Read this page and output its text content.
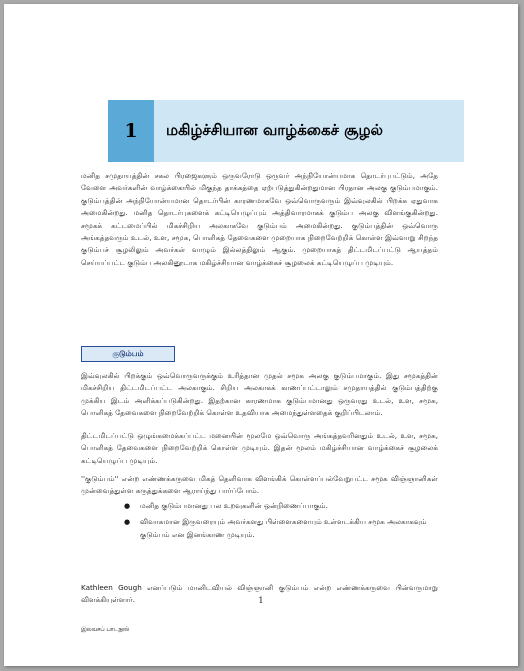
1	மகிழ்ச்சியான வாழ்க்கைச் சூழல்

மனித சமுதாயத்தின் சகல பிரஜைகளும் ஒருவரோடு ஒருவர் அந்நியோன்யமாக தொடர்புபட்டும், அதே வேளை அவர்களின் வாழ்க்கையில் மிகுந்த தாக்கத்தை ஏற்படுத்துகின்றதுமான பிரதான அலகு குடும்பமாகும். குடும்பத்தின் அந்நியோன்யமான தொடர்பின் காரணமாகவே ஒவ்வொருவரும் இவ்வுலகில் பிறக்க ஏதுவாக அமைகின்றது. மனித தொடர்புகளைக் கட்டியெழுப்பும் அத்திவாரமாகக் குடும்ப அலகு விளங்குகின்றது. சமூகக் கட்டமைப்பில் மிகச்சிறிய அலகாகவே குடும்பம் அமைகின்றது. குடும்பத்தின் ஒவ்வொரு அங்கத்தவரும் உடல், உள, சமூக, பொளிகத் தேவைகளை முறையாக நிறைவேற்றிக் கொள்ள இவ்வாறு சிறந்த குடும்பச் சூழலிலும் அவர்கள் வாழும் இல்லத்திலும் ஆகும். முறையாகத் திட்டமிடப்பட்டு ஆயத்தம் செய்யப்பட்ட குடும்ப அலகினூடாக மகிழ்ச்சியான வாழ்க்கைச் சூழலைக் கட்டியெழுப்ப முடியும்.

குடும்பம்

இவ்வுலகில் பிறக்கும் ஒவ்வொருவருக்கும் உரித்தான முதல் சமூக அலகு குடும்பமாகும். இது சமூகத்தின் மிகச்சிறிய திட்டமிடப்பட்ட அலகாகும். சிறிய அலகாகக் காணப்பட்டாலும் சமுதாயத்தில் குடும்பத்திற்கு முக்கிய இடம் அளிக்கப்படுகின்றது. இதற்கான காரணமாக குடும்பமானது ஒருவரது உடல், உள, சமூக, பொளிகத் தேவைகளை நிறைவேற்றிக் கொள்ள உதவியாக அமைந்துள்ளதைக் குறிப்பிடலாம்.

திட்டமிடப்பட்டு ஒழுங்கமைக்கப்பட்ட மனையின் மூலமே ஒவ்வொரு அங்கத்தவரினதும் உடல், உள, சமூக, பொளிகத் தேவைகளை நிறைவேற்றிக் கொள்ள முடியும். இதன் மூலம் மகிழ்ச்சியான வாழ்க்கைச் சூழலைக் கட்டியெழுப்ப முடியும்.

''குடும்பம்'' என்ற எண்ணக்கருவை மிகத் தெளிவாக விளங்கிக் கொள்ளப்பல்வேறுபட்ட சமூக விஞ்ஞானிகள் முன்வைத்துள்ள கருத்துக்களை ஆராய்ந்து பார்ப்போம்.

● மனித குடும்பமானது பல உறவுகளின் ஒன்றிணைப்பாகும்.
● விவாகமான இருவரையும் அவர்களது பிள்ளைகளையும் உள்ளடக்கிய சமூக அலகாகவும் குடும்பம் என இனங்காண முடியும்.

Kathleen Gough எனப்படும் மானிடவியல் விஞ்ஞானி குடும்பம் என்ற எண்ணக்கருவை பின்வருமாறு விளக்கியுள்ளார்.	1
இலவசப் பாடநூல்
